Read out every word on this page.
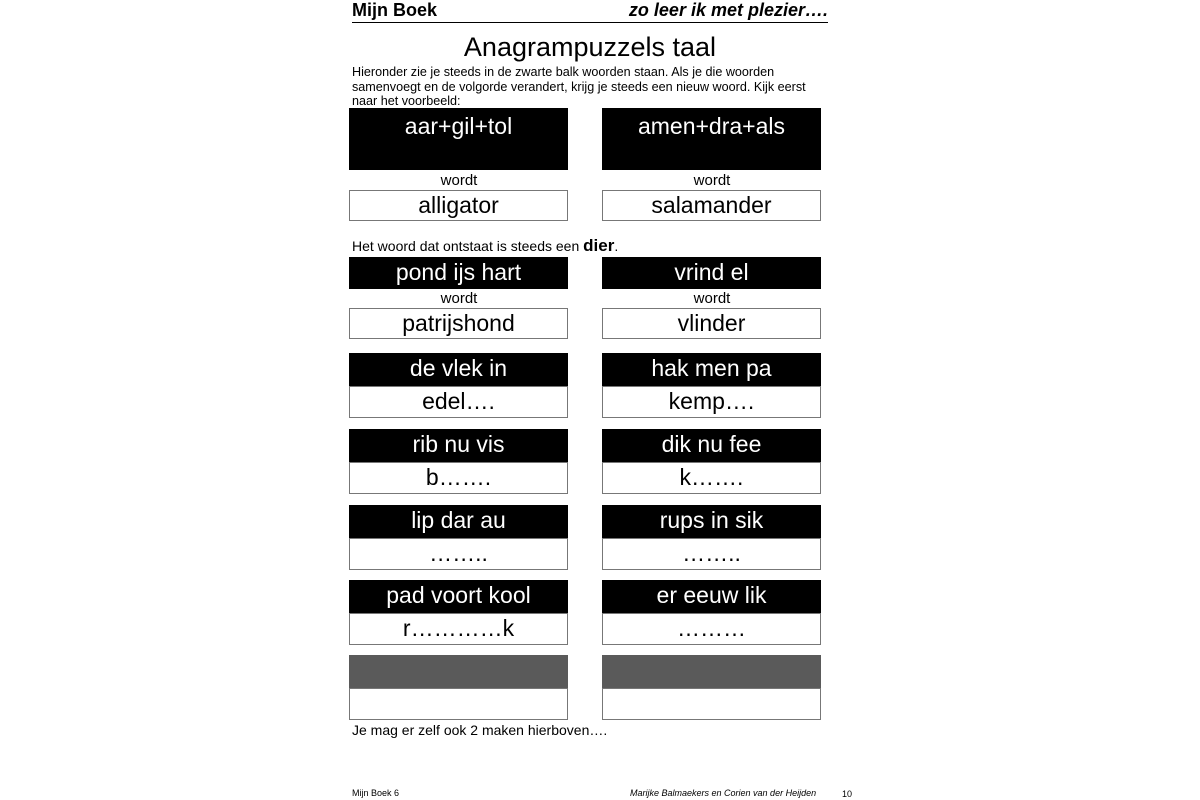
Mijn Boek	zo leer ik met plezier….
Anagrampuzzels taal
Hieronder zie je steeds in de zwarte balk woorden staan. Als je die woorden samenvoegt en de volgorde verandert, krijg je steeds een nieuw woord. Kijk eerst naar het voorbeeld:
aar+gil+tol
wordt
alligator
amen+dra+als
wordt
salamander
Het woord dat ontstaat is steeds een dier.
pond ijs hart
wordt
patrijshond
vrind el
wordt
vlinder
de vlek in
edel….
hak men pa
kemp….
rib nu vis
b…….
dik nu fee
k…….
lip dar au
……..
rups in sik
……..
pad voort kool
r…………k
er eeuw lik
………
Je mag er zelf ook 2 maken hierboven….
Mijn Boek 6	Marijke Balmaekers en Corien van der Heijden	10
